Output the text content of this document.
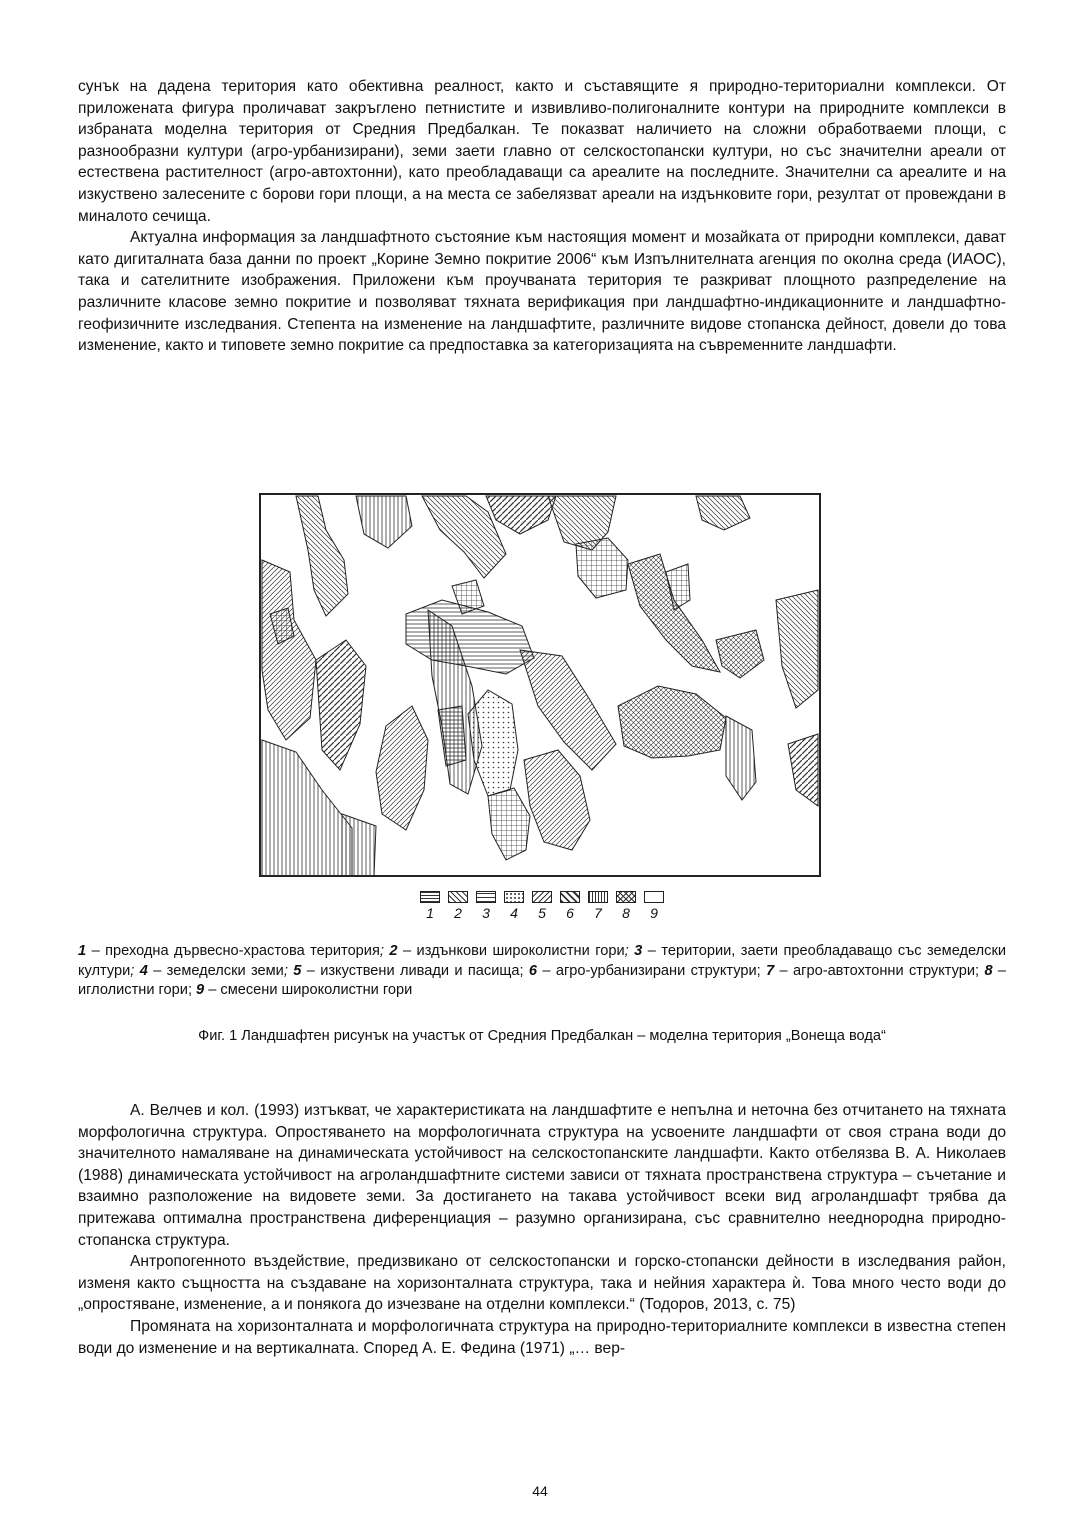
сунък на дадена територия като обективна реалност, както и съставящите я природно-териториални комплекси. От приложената фигура проличават закръглено петнистите и извивливо-полигоналните контури на природните комплекси в избраната моделна територия от Средния Предбалкан. Те показват наличието на сложни обработваеми площи, с разнообразни култури (агро-урбанизирани), земи заети главно от селскостопански култури, но със значителни ареали от естествена растителност (агро-автохтонни), като преобладаващи са ареалите на последните. Значителни са ареалите и на изкуствено залесените с борови гори площи, а на места се забелязват ареали на издънковите гори, резултат от провеждани в миналото сечища.

Актуална информация за ландшафтното състояние към настоящия момент и мозайката от природни комплекси, дават като дигиталната база данни по проект „Корине Земно покритие 2006“ към Изпълнителната агенция по околна среда (ИАОС), така и сателитните изображения. Приложени към проучваната територия те разкриват площното разпределение на различните класове земно покритие и позволяват тяхната верификация при ландшафтно-индикационните и ландшафтно-геофизичните изследвания. Степента на изменение на ландшафтите, различните видове стопанска дейност, довели до това изменение, както и типовете земно покритие са предпоставка за категоризацията на съвременните ландшафти.

1	2	3	4	5	6	7	8	9
1 – преходна дървесно-храстова територия; 2 – издънкови широколистни гори; 3 – територии, заети преобладаващо със земеделски култури; 4 – земеделски земи; 5 – изкуствени ливади и пасища; 6 – агро-урбанизирани структури; 7 – агро-автохтонни структури; 8 – иглолистни гори; 9 – смесени широколистни гори
Фиг. 1 Ландшафтен рисунък на участък от Средния Предбалкан – моделна територия „Вонеща вода“

А. Велчев и кол. (1993) изтъкват, че характеристиката на ландшафтите е непълна и неточна без отчитането на тяхната морфологична структура. Опростяването на морфологичната структура на усвоените ландшафти от своя страна води до значителното намаляване на динамическата устойчивост на селскостопанските ландшафти. Както отбелязва В. А. Николаев (1988) динамическата устойчивост на агроландшафтните системи зависи от тяхната пространствена структура – съчетание и взаимно разположение на видовете земи. За достигането на такава устойчивост всеки вид агроландшафт трябва да притежава оптимална пространствена диференциация – разумно организирана, със сравнително нееднородна природно-стопанска структура.

Антропогенното въздействие, предизвикано от селскостопански и горско-стопански дейности в изследвания район, изменя както същността на създаване на хоризонталната структура, така и нейния характера ѝ. Това много често води до „опростяване, изменение, а и понякога до изчезване на отделни комплекси.“ (Тодоров, 2013, с. 75)

Промяната на хоризонталната и морфологичната структура на природно-териториалните комплекси в известна степен води до изменение и на вертикалната. Според А. Е. Федина (1971) „… вер-

44
